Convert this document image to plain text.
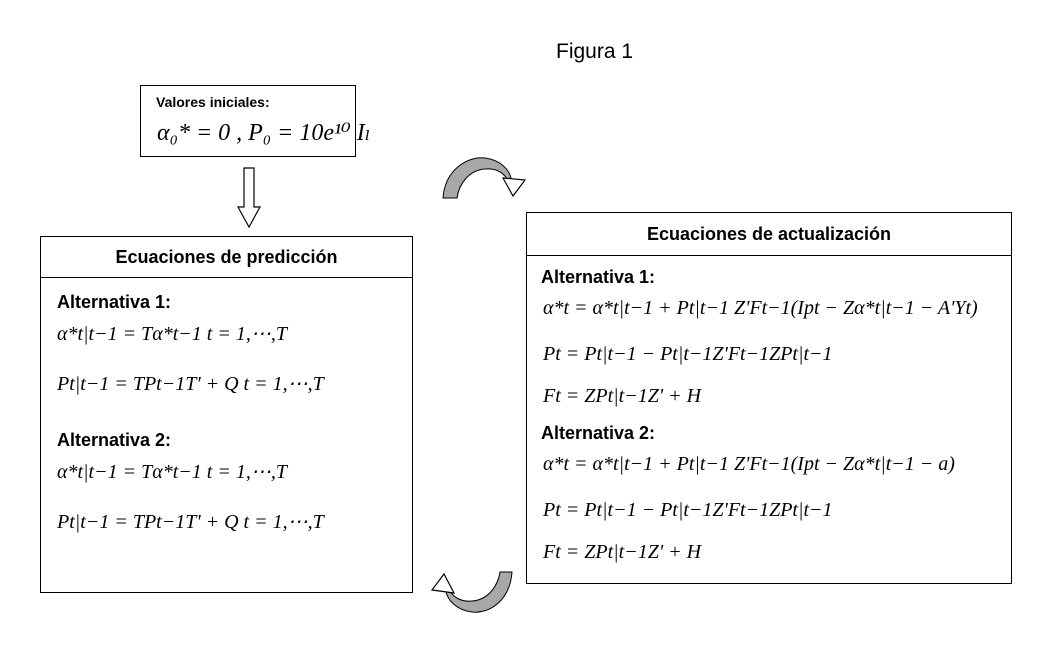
Figura 1
Valores iniciales:
α₀* = 0 , P₀ = 10e¹⁰ Iₗ
Ecuaciones de predicción
Alternativa 1:
α*t|t−1 = Tα*t−1 t = 1,⋯,T
Pt|t−1 = TPt−1T' + Q t = 1,⋯,T
Alternativa 2:
α*t|t−1 = Tα*t−1 t = 1,⋯,T
Pt|t−1 = TPt−1T' + Q t = 1,⋯,T
Ecuaciones de actualización
Alternativa 1:
α*t = α*t|t−1 + Pt|t−1 Z'Ft−1(Ipt − Zα*t|t−1 − A'Yt)
Pt = Pt|t−1 − Pt|t−1Z'Ft−1ZPt|t−1
Ft = ZPt|t−1Z' + H
Alternativa 2:
α*t = α*t|t−1 + Pt|t−1 Z'Ft−1(Ipt − Zα*t|t−1 − a)
Pt = Pt|t−1 − Pt|t−1Z'Ft−1ZPt|t−1
Ft = ZPt|t−1Z' + H
